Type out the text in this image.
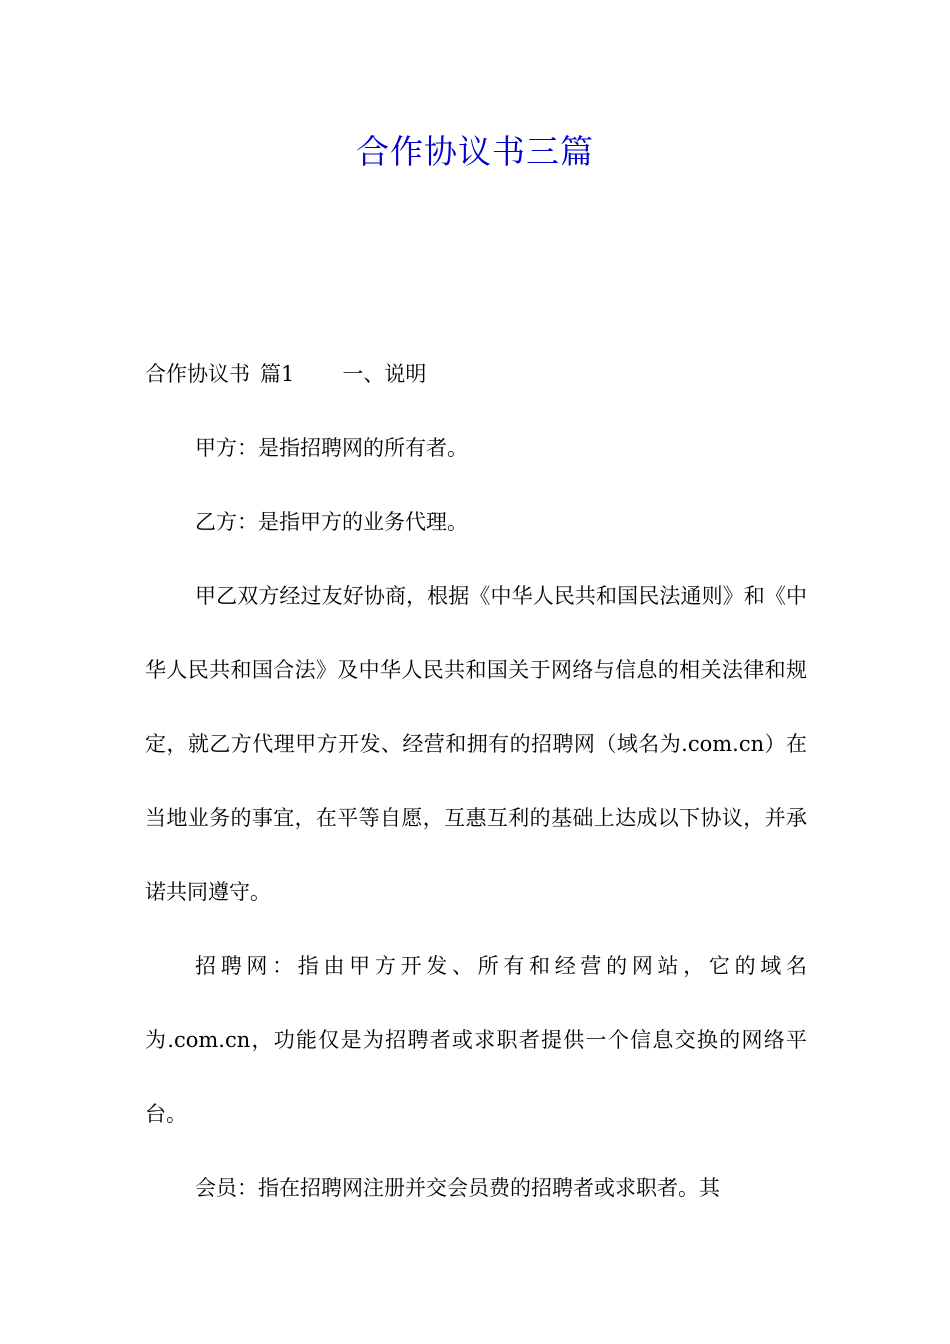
合作协议书三篇

合作协议书 篇1 一、说明

甲方：是指招聘网的所有者。

乙方：是指甲方的业务代理。

甲乙双方经过友好协商，根据《中华人民共和国民法通则》和《中华人民共和国合法》及中华人民共和国关于网络与信息的相关法律和规定，就乙方代理甲方开发、经营和拥有的招聘网（域名为.com.cn）在当地业务的事宜，在平等自愿，互惠互利的基础上达成以下协议，并承诺共同遵守。

招聘网：指由甲方开发、所有和经营的网站，它的域名为.com.cn，功能仅是为招聘者或求职者提供一个信息交换的网络平台。

会员：指在招聘网注册并交会员费的招聘者或求职者。其
